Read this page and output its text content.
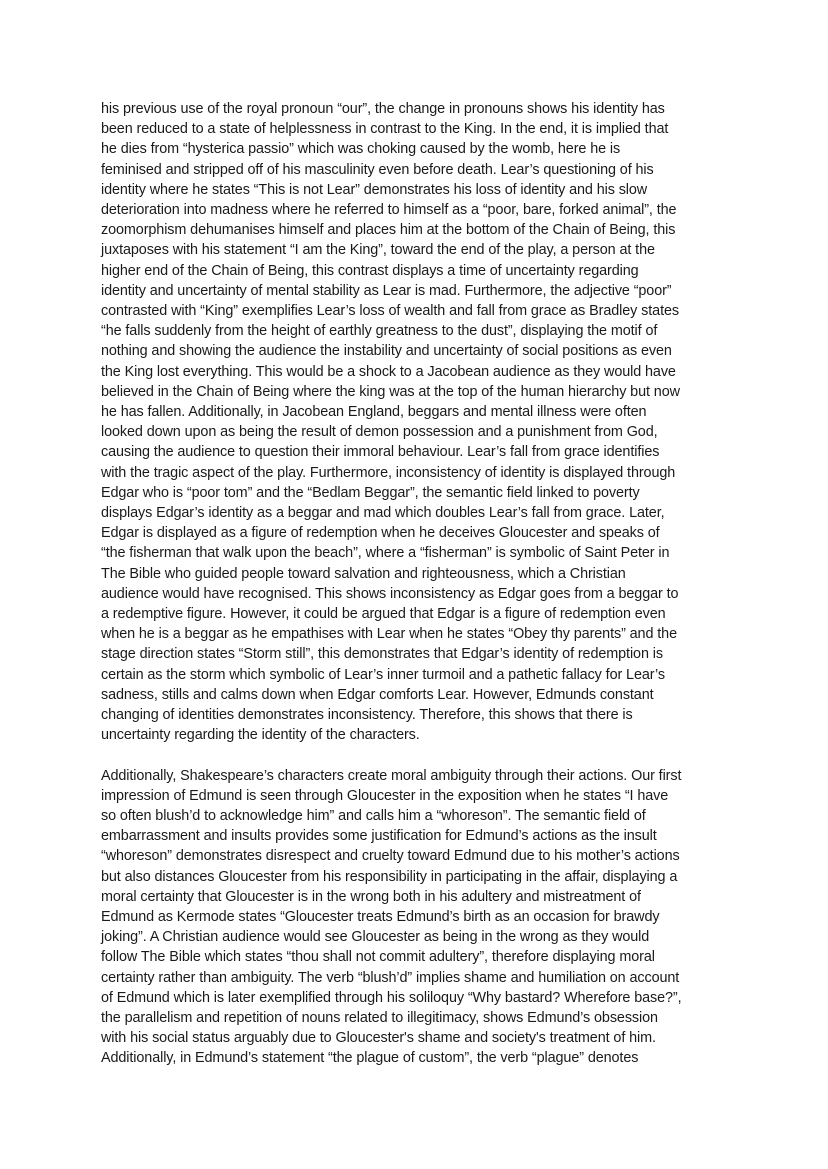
his previous use of the royal pronoun “our”, the change in pronouns shows his identity has
been reduced to a state of helplessness in contrast to the King. In the end, it is implied that
he dies from “hysterica passio” which was choking caused by the womb, here he is
feminised and stripped off of his masculinity even before death. Lear’s questioning of his
identity where he states “This is not Lear” demonstrates his loss of identity and his slow
deterioration into madness where he referred to himself as a “poor, bare, forked animal”, the
zoomorphism dehumanises himself and places him at the bottom of the Chain of Being, this
juxtaposes with his statement “I am the King”, toward the end of the play, a person at the
higher end of the Chain of Being, this contrast displays a time of uncertainty regarding
identity and uncertainty of mental stability as Lear is mad. Furthermore, the adjective “poor”
contrasted with “King” exemplifies Lear’s loss of wealth and fall from grace as Bradley states
“he falls suddenly from the height of earthly greatness to the dust”, displaying the motif of
nothing and showing the audience the instability and uncertainty of social positions as even
the King lost everything. This would be a shock to a Jacobean audience as they would have
believed in the Chain of Being where the king was at the top of the human hierarchy but now
he has fallen. Additionally, in Jacobean England, beggars and mental illness were often
looked down upon as being the result of demon possession and a punishment from God,
causing the audience to question their immoral behaviour. Lear’s fall from grace identifies
with the tragic aspect of the play. Furthermore, inconsistency of identity is displayed through
Edgar who is “poor tom” and the “Bedlam Beggar”, the semantic field linked to poverty
displays Edgar’s identity as a beggar and mad which doubles Lear’s fall from grace. Later,
Edgar is displayed as a figure of redemption when he deceives Gloucester and speaks of
“the fisherman that walk upon the beach”, where a “fisherman” is symbolic of Saint Peter in
The Bible who guided people toward salvation and righteousness, which a Christian
audience would have recognised. This shows inconsistency as Edgar goes from a beggar to
a redemptive figure. However, it could be argued that Edgar is a figure of redemption even
when he is a beggar as he empathises with Lear when he states “Obey thy parents” and the
stage direction states “Storm still”, this demonstrates that Edgar’s identity of redemption is
certain as the storm which symbolic of Lear’s inner turmoil and a pathetic fallacy for Lear’s
sadness, stills and calms down when Edgar comforts Lear. However, Edmunds constant
changing of identities demonstrates inconsistency. Therefore, this shows that there is
uncertainty regarding the identity of the characters.
Additionally, Shakespeare’s characters create moral ambiguity through their actions. Our first
impression of Edmund is seen through Gloucester in the exposition when he states “I have
so often blush’d to acknowledge him” and calls him a “whoreson”. The semantic field of
embarrassment and insults provides some justification for Edmund’s actions as the insult
“whoreson” demonstrates disrespect and cruelty toward Edmund due to his mother’s actions
but also distances Gloucester from his responsibility in participating in the affair, displaying a
moral certainty that Gloucester is in the wrong both in his adultery and mistreatment of
Edmund as Kermode states “Gloucester treats Edmund’s birth as an occasion for brawdy
joking”. A Christian audience would see Gloucester as being in the wrong as they would
follow The Bible which states “thou shall not commit adultery”, therefore displaying moral
certainty rather than ambiguity. The verb “blush’d” implies shame and humiliation on account
of Edmund which is later exemplified through his soliloquy “Why bastard? Wherefore base?”,
the parallelism and repetition of nouns related to illegitimacy, shows Edmund’s obsession
with his social status arguably due to Gloucester's shame and society's treatment of him.
Additionally, in Edmund’s statement “the plague of custom”, the verb “plague” denotes
